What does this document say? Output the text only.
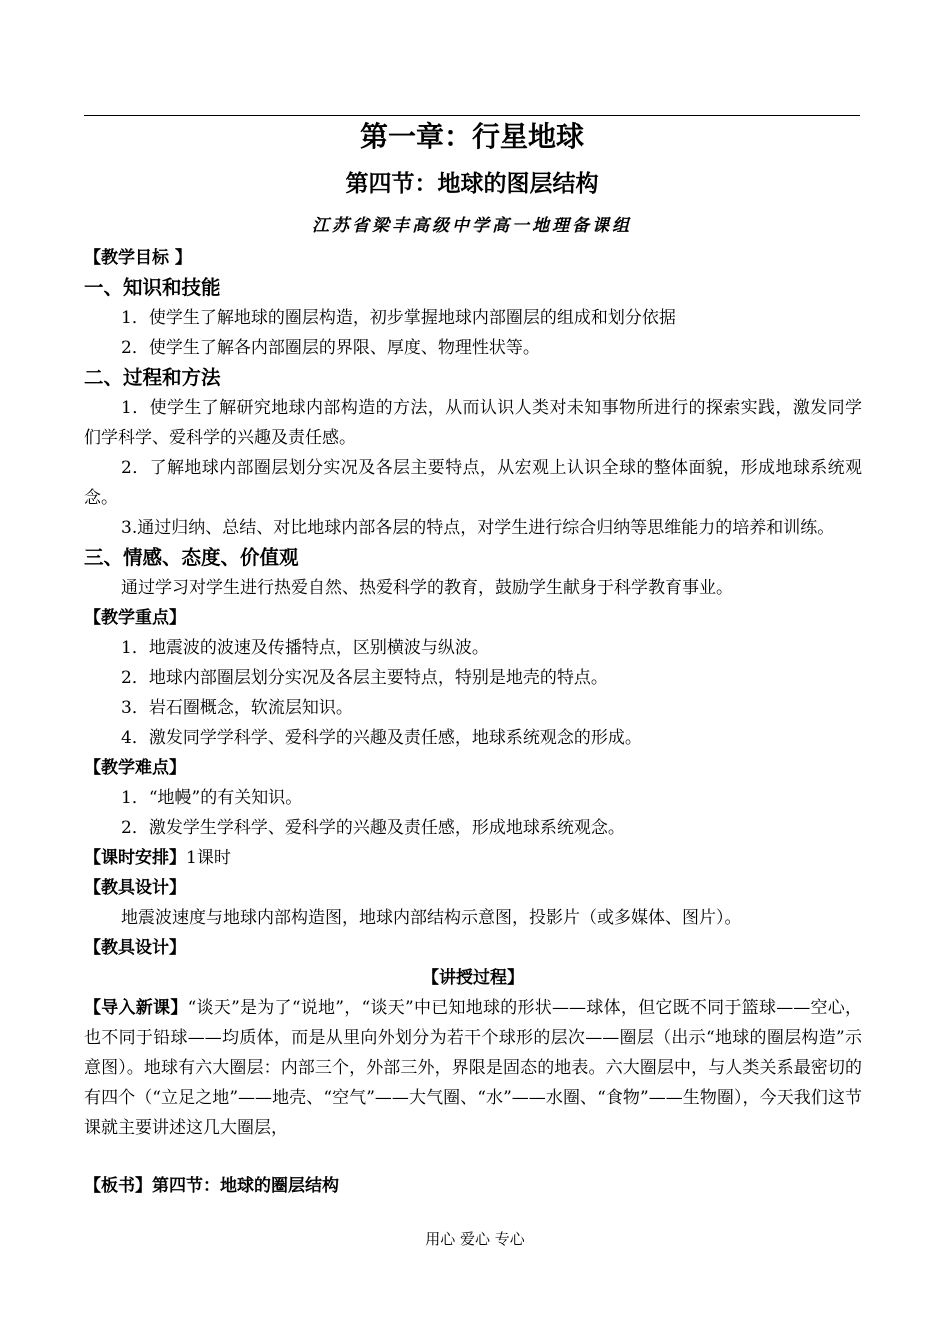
第一章：行星地球
第四节：地球的图层结构
江苏省梁丰高级中学高一地理备课组

【教学目标 】

一、知识和技能

1．使学生了解地球的圈层构造，初步掌握地球内部圈层的组成和划分依据

2．使学生了解各内部圈层的界限、厚度、物理性状等。

二、过程和方法

1．使学生了解研究地球内部构造的方法，从而认识人类对未知事物所进行的探索实践，激发同学们学科学、爱科学的兴趣及责任感。

2．了解地球内部圈层划分实况及各层主要特点，从宏观上认识全球的整体面貌，形成地球系统观念。

3.通过归纳、总结、对比地球内部各层的特点，对学生进行综合归纳等思维能力的培养和训练。

三、情感、态度、价值观

通过学习对学生进行热爱自然、热爱科学的教育，鼓励学生献身于科学教育事业。

【教学重点】

1．地震波的波速及传播特点，区别横波与纵波。

2．地球内部圈层划分实况及各层主要特点，特别是地壳的特点。

3．岩石圈概念，软流层知识。

4．激发同学学科学、爱科学的兴趣及责任感，地球系统观念的形成。

【教学难点】

1．“地幔”的有关知识。

2．激发学生学科学、爱科学的兴趣及责任感，形成地球系统观念。

【课时安排】1课时

【教具设计】

地震波速度与地球内部构造图，地球内部结构示意图，投影片（或多媒体、图片）。

【教具设计】

【讲授过程】

【导入新课】“谈天”是为了“说地”，“谈天”中已知地球的形状——球体，但它既不同于篮球——空心，也不同于铅球——均质体，而是从里向外划分为若干个球形的层次——圈层（出示“地球的圈层构造”示意图）。地球有六大圈层：内部三个，外部三外，界限是固态的地表。六大圈层中，与人类关系最密切的有四个（“立足之地”——地壳、“空气”——大气圈、“水”——水圈、“食物”——生物圈），今天我们这节课就主要讲述这几大圈层，

【板书】第四节：地球的圈层结构

用心 爱心 专心
